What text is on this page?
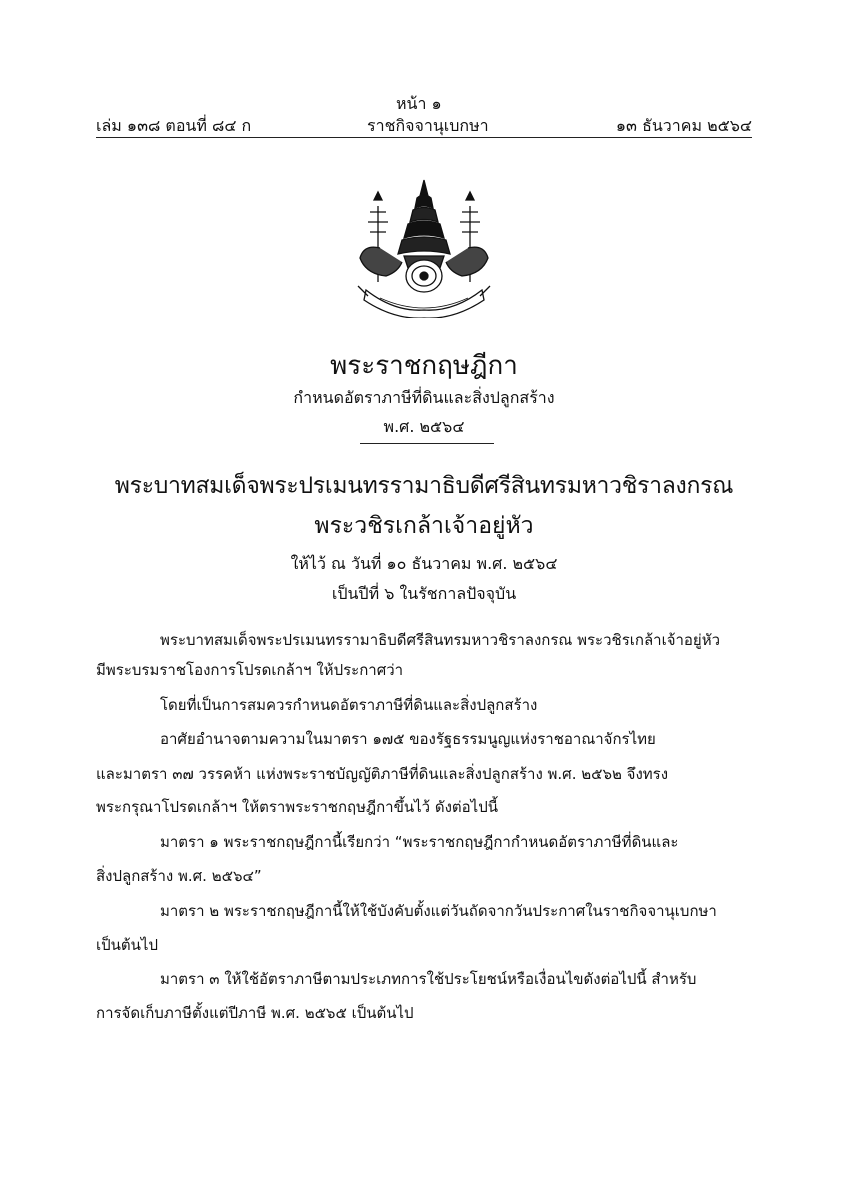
หน้า ๑
เล่ม ๑๓๘ ตอนที่ ๘๔ ก	ราชกิจจานุเบกษา	๑๓ ธันวาคม ๒๕๖๔
พระราชกฤษฎีกา
กำหนดอัตราภาษีที่ดินและสิ่งปลูกสร้าง
พ.ศ. ๒๕๖๔
พระบาทสมเด็จพระปรเมนทรรามาธิบดีศรีสินทรมหาวชิราลงกรณ
พระวชิรเกล้าเจ้าอยู่หัว
ให้ไว้ ณ วันที่ ๑๐ ธันวาคม พ.ศ. ๒๕๖๔
เป็นปีที่ ๖ ในรัชกาลปัจจุบัน
พระบาทสมเด็จพระปรเมนทรรามาธิบดีศรีสินทรมหาวชิราลงกรณ พระวชิรเกล้าเจ้าอยู่หัว
มีพระบรมราชโองการโปรดเกล้าฯ ให้ประกาศว่า
โดยที่เป็นการสมควรกำหนดอัตราภาษีที่ดินและสิ่งปลูกสร้าง
อาศัยอำนาจตามความในมาตรา ๑๗๕ ของรัฐธรรมนูญแห่งราชอาณาจักรไทย
และมาตรา ๓๗ วรรคห้า แห่งพระราชบัญญัติภาษีที่ดินและสิ่งปลูกสร้าง พ.ศ. ๒๕๖๒ จึงทรง
พระกรุณาโปรดเกล้าฯ ให้ตราพระราชกฤษฎีกาขึ้นไว้ ดังต่อไปนี้
มาตรา ๑ พระราชกฤษฎีกานี้เรียกว่า “พระราชกฤษฎีกากำหนดอัตราภาษีที่ดินและ
สิ่งปลูกสร้าง พ.ศ. ๒๕๖๔”
มาตรา ๒ พระราชกฤษฎีกานี้ให้ใช้บังคับตั้งแต่วันถัดจากวันประกาศในราชกิจจานุเบกษา
เป็นต้นไป
มาตรา ๓ ให้ใช้อัตราภาษีตามประเภทการใช้ประโยชน์หรือเงื่อนไขดังต่อไปนี้ สำหรับ
การจัดเก็บภาษีตั้งแต่ปีภาษี พ.ศ. ๒๕๖๕ เป็นต้นไป
